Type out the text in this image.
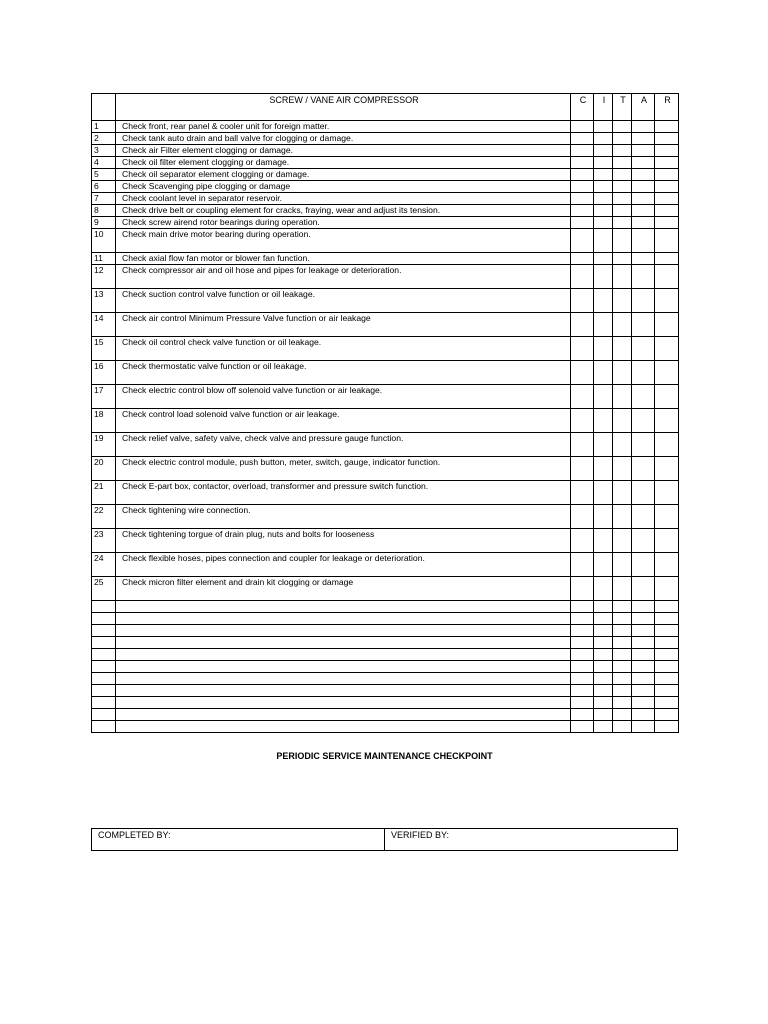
	SCREW / VANE AIR COMPRESSOR	C	I	T	A	R
1	Check front, rear panel & cooler unit for foreign matter.					
2	Check tank auto drain and ball valve for clogging or damage.					
3	Check air Filter element clogging or damage.					
4	Check oil filter element clogging or damage.					
5	Check oil separator element clogging or damage.					
6	Check Scavenging pipe clogging or damage					
7	Check coolant level in separator reservoir.					
8	Check drive belt or coupling element for cracks, fraying, wear and adjust its tension.					
9	Check screw airend rotor bearings during operation.					
10	Check main drive motor bearing during operation.					
11	Check axial flow fan motor or blower fan function.					
12	Check compressor air and oil hose and pipes for leakage or deterioration.					
13	Check suction control valve function or oil leakage.					
14	Check air control Minimum Pressure Valve function or air leakage					
15	Check oil control check valve function or oil leakage.					
16	Check thermostatic valve function or oil leakage.					
17	Check electric control blow off solenoid valve function or air leakage.					
18	Check control load solenoid valve function or air leakage.					
19	Check relief valve, safety valve, check valve and pressure gauge function.					
20	Check electric control module, push button, meter, switch, gauge, indicator function.					
21	Check E-part box, contactor, overload, transformer and pressure switch function.					
22	Check tightening wire connection.					
23	Check tightening torgue of drain plug, nuts and bolts for looseness					
24	Check flexible hoses, pipes connection and coupler for leakage or deterioration.					
25	Check micron filter element and drain kit clogging or damage					

PERIODIC SERVICE MAINTENANCE CHECKPOINT
COMPLETED BY:	VERIFIED BY:
